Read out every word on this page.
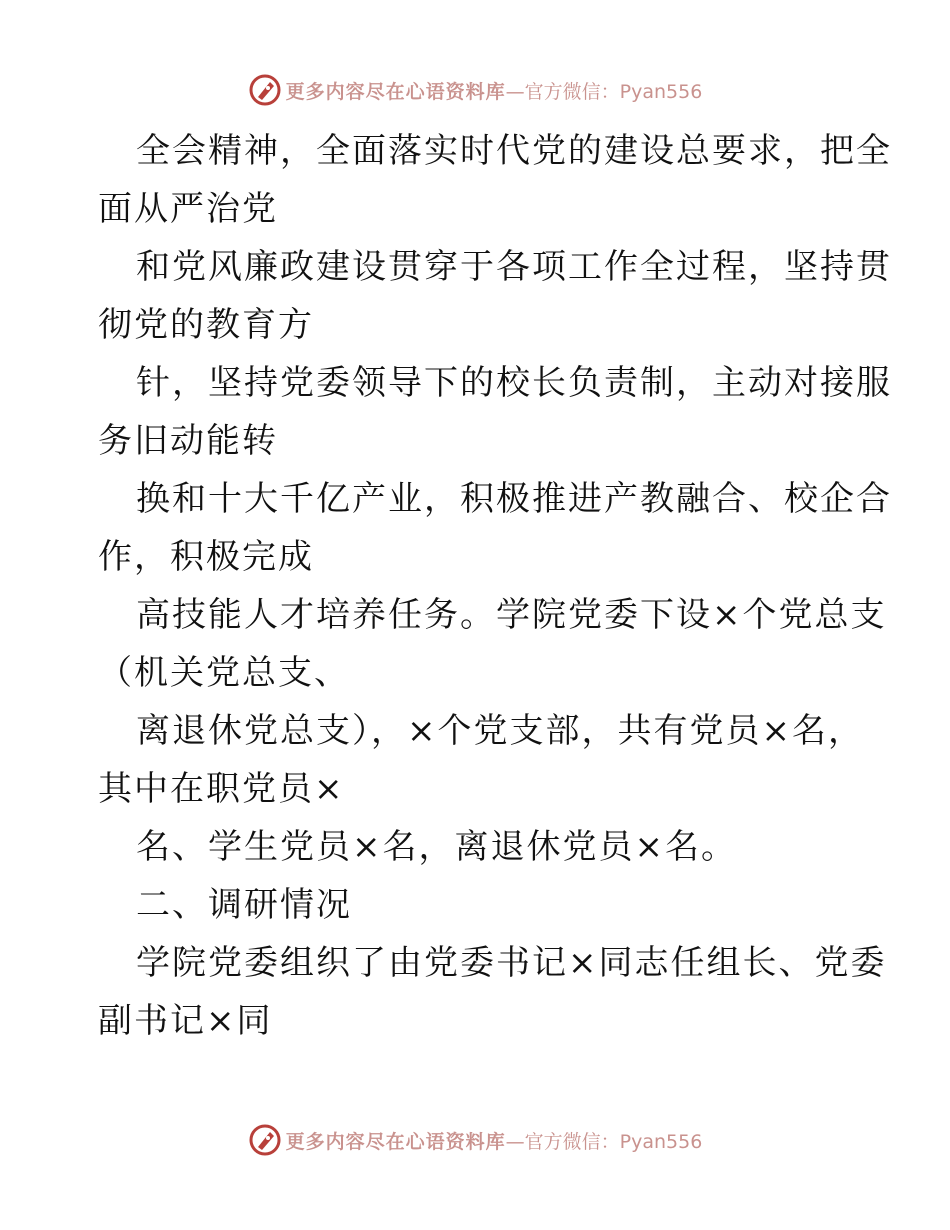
更多内容尽在心语资料库 —官方微信：Pyan556
全会精神，全面落实时代党的建设总要求，把全
面从严治党
和党风廉政建设贯穿于各项工作全过程，坚持贯
彻党的教育方
针，坚持党委领导下的校长负责制，主动对接服
务旧动能转
换和十大千亿产业，积极推进产教融合、校企合
作，积极完成
高技能人才培养任务。学院党委下设×个党总支
（机关党总支、
离退休党总支），×个党支部，共有党员×名，
其中在职党员×
名、学生党员×名，离退休党员×名。
二、调研情况
学院党委组织了由党委书记×同志任组长、党委
副书记×同
更多内容尽在心语资料库 —官方微信：Pyan556
